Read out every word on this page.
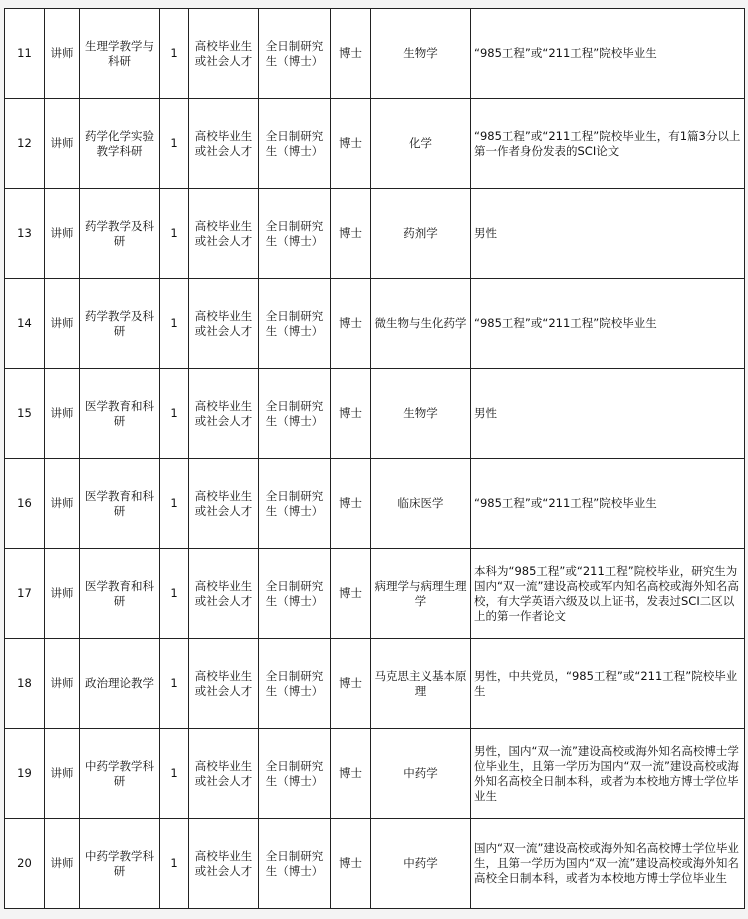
11	讲师	生理学教学与科研	1	高校毕业生或社会人才	全日制研究生（博士）	博士	生物学	“985工程”或“211工程”院校毕业生
12	讲师	药学化学实验教学科研	1	高校毕业生或社会人才	全日制研究生（博士）	博士	化学	“985工程”或“211工程”院校毕业生，有1篇3分以上第一作者身份发表的SCI论文
13	讲师	药学教学及科研	1	高校毕业生或社会人才	全日制研究生（博士）	博士	药剂学	男性
14	讲师	药学教学及科研	1	高校毕业生或社会人才	全日制研究生（博士）	博士	微生物与生化药学	“985工程”或“211工程”院校毕业生
15	讲师	医学教育和科研	1	高校毕业生或社会人才	全日制研究生（博士）	博士	生物学	男性
16	讲师	医学教育和科研	1	高校毕业生或社会人才	全日制研究生（博士）	博士	临床医学	“985工程”或“211工程”院校毕业生
17	讲师	医学教育和科研	1	高校毕业生或社会人才	全日制研究生（博士）	博士	病理学与病理生理学	本科为“985工程”或“211工程”院校毕业，研究生为国内“双一流”建设高校或军内知名高校或海外知名高校，有大学英语六级及以上证书，发表过SCI二区以上的第一作者论文
18	讲师	政治理论教学	1	高校毕业生或社会人才	全日制研究生（博士）	博士	马克思主义基本原理	男性，中共党员，“985工程”或“211工程”院校毕业生
19	讲师	中药学教学科研	1	高校毕业生或社会人才	全日制研究生（博士）	博士	中药学	男性，国内“双一流”建设高校或海外知名高校博士学位毕业生，且第一学历为国内“双一流”建设高校或海外知名高校全日制本科，或者为本校地方博士学位毕业生
20	讲师	中药学教学科研	1	高校毕业生或社会人才	全日制研究生（博士）	博士	中药学	国内“双一流”建设高校或海外知名高校博士学位毕业生，且第一学历为国内“双一流”建设高校或海外知名高校全日制本科，或者为本校地方博士学位毕业生
